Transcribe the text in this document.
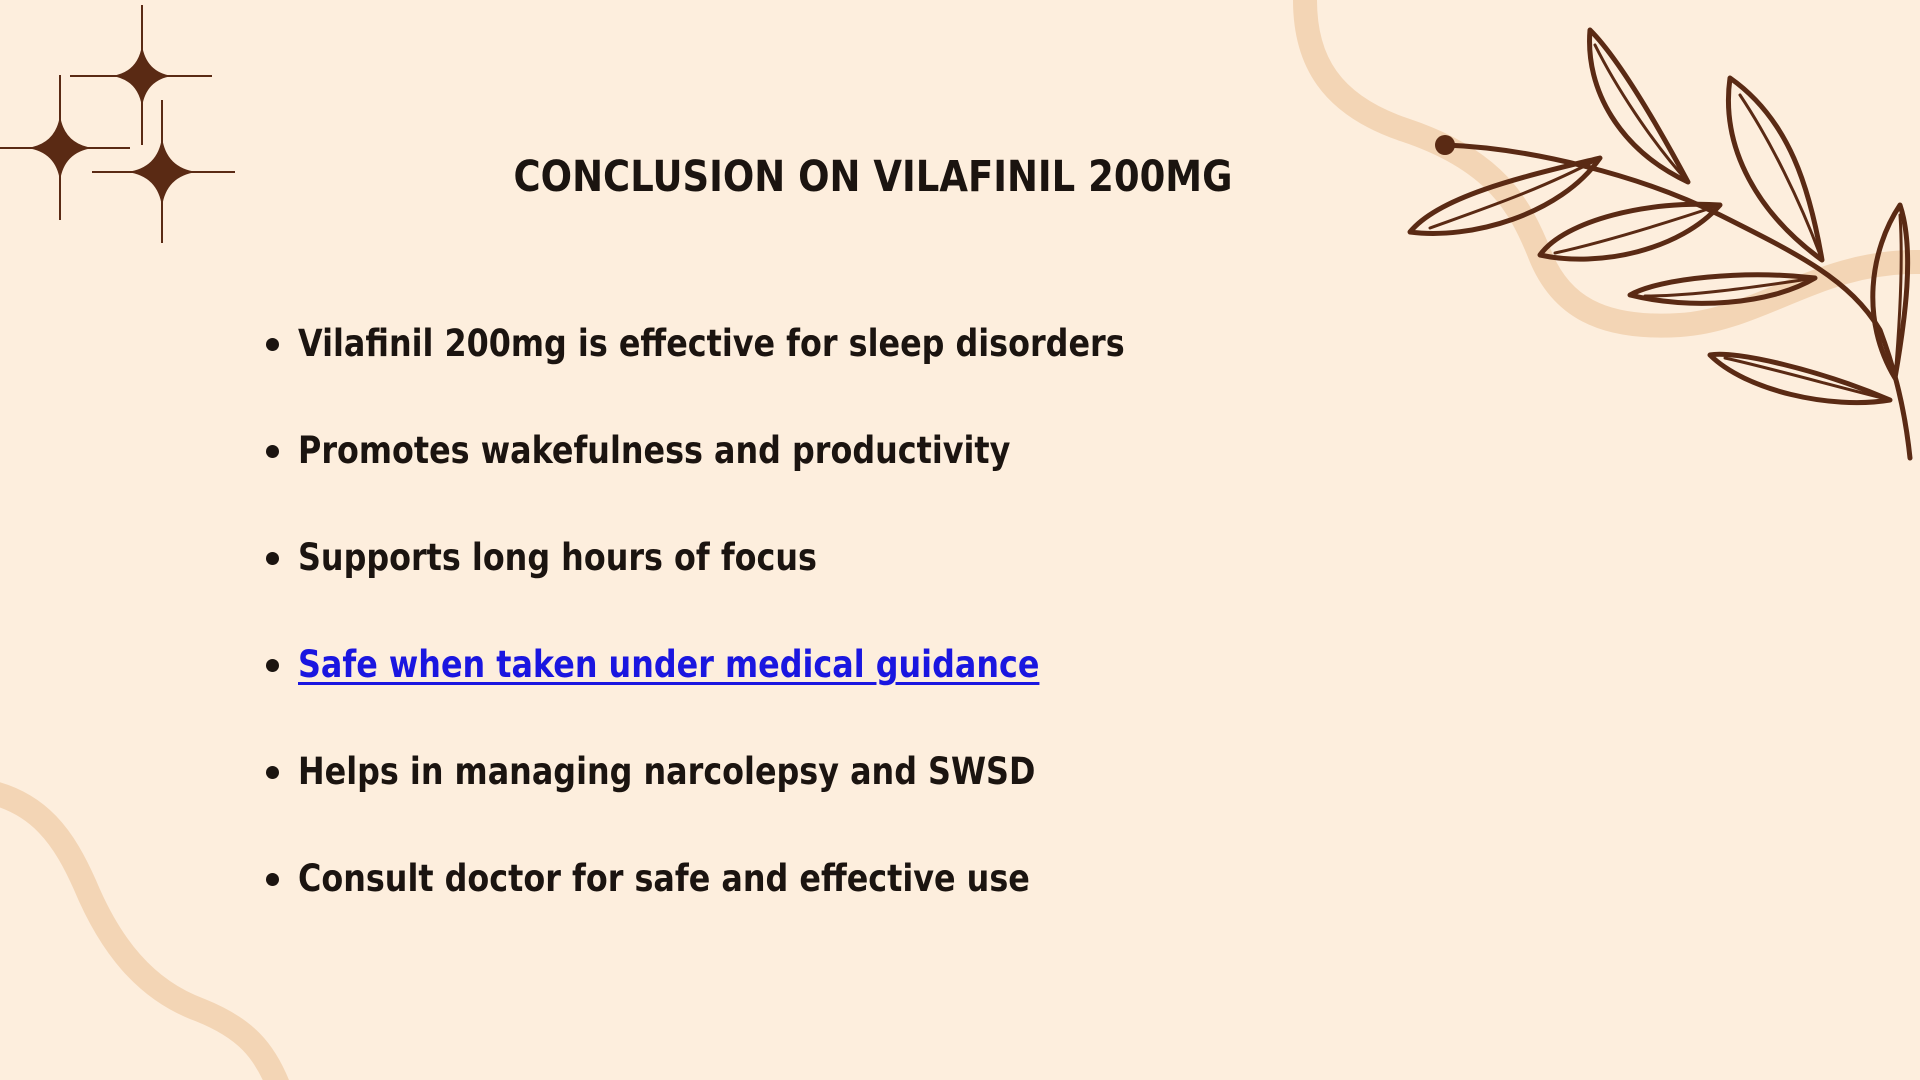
CONCLUSION ON VILAFINIL 200MG
Vilafinil 200mg is effective for sleep disorders
Promotes wakefulness and productivity
Supports long hours of focus
Safe when taken under medical guidance
Helps in managing narcolepsy and SWSD
Consult doctor for safe and effective use
